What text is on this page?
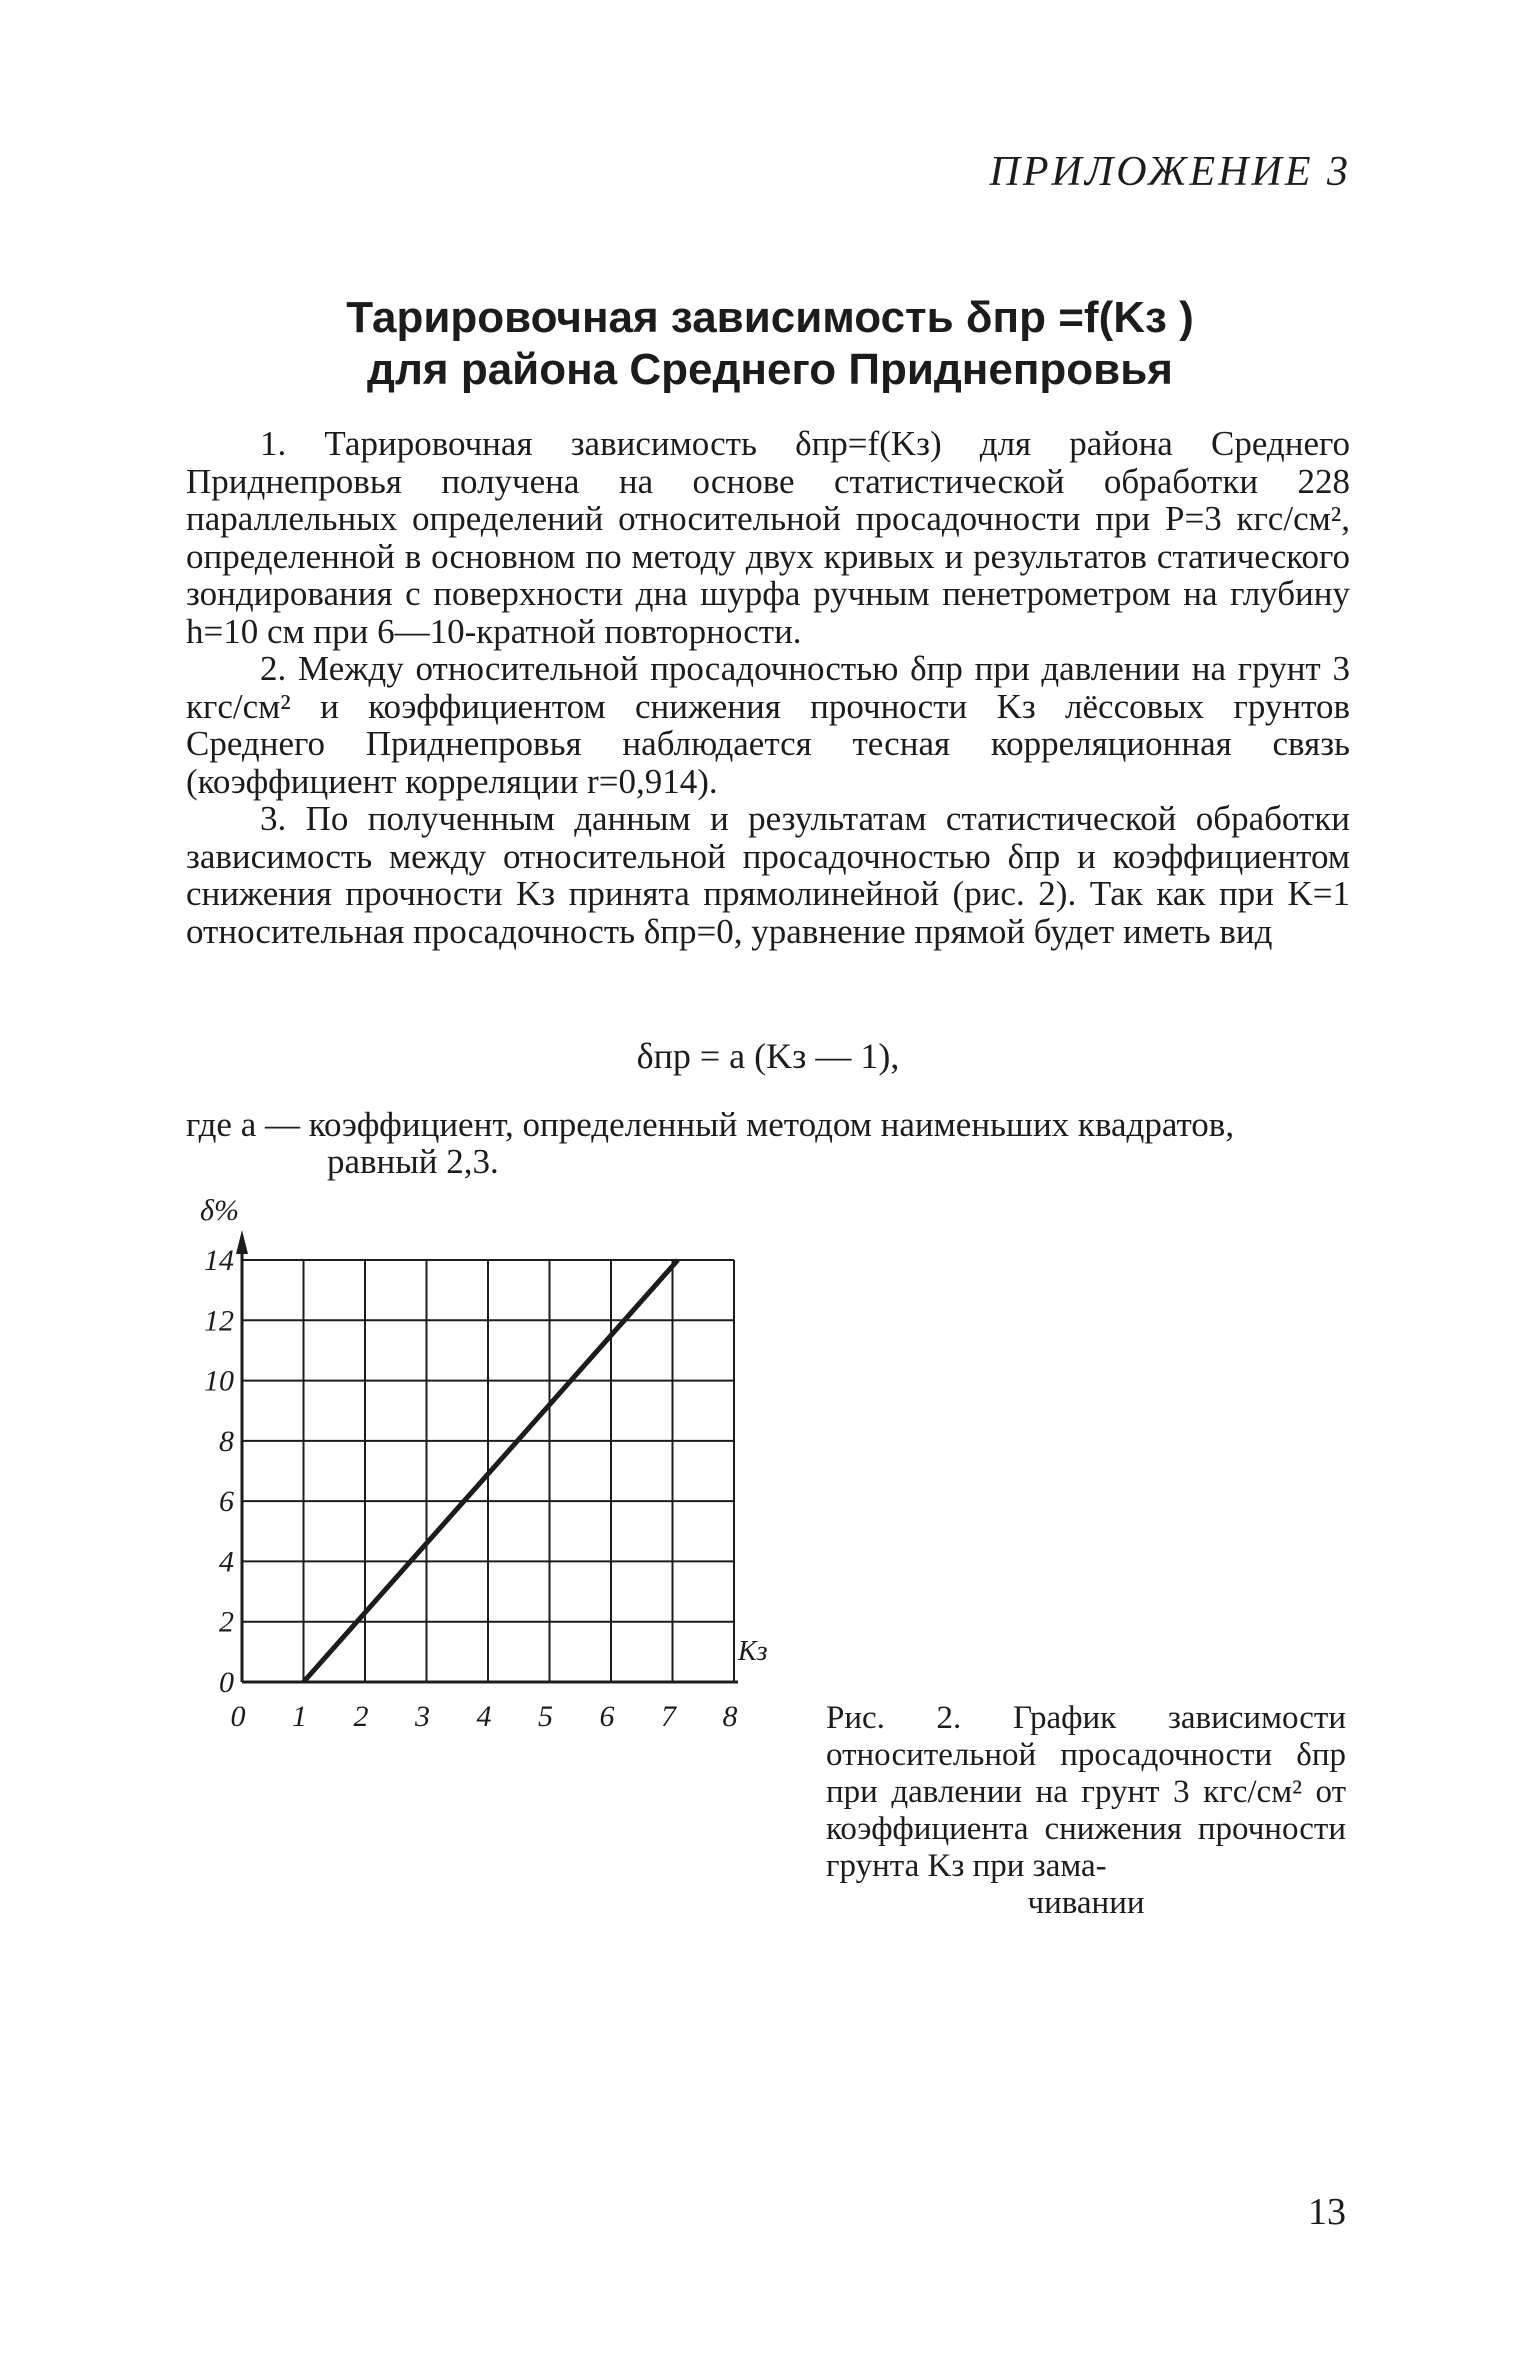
ПРИЛОЖЕНИЕ 3
Тарировочная зависимость δпр =f(Kз )
для района Среднего Приднепровья

1. Тарировочная зависимость δпр=f(Kз) для района Среднего Приднепровья получена на основе статистической обработки 228 параллельных определений относительной просадочности при P=3 кгс/см², определенной в основном по методу двух кривых и результатов статического зондирования с поверхности дна шурфа ручным пенетрометром на глубину h=10 см при 6—10-кратной повторности.

2. Между относительной просадочностью δпр при давлении на грунт 3 кгс/см² и коэффициентом снижения прочности Kз лёссовых грунтов Среднего Приднепровья наблюдается тесная корреляционная связь (коэффициент корреляции r=0,914).

3. По полученным данным и результатам статистической обработки зависимость между относительной просадочностью δпр и коэффициентом снижения прочности Kз принята прямолинейной (рис. 2). Так как при K=1 относительная просадочность δпр=0, уравнение прямой будет иметь вид

δпр = a (Kз — 1),
где a — коэффициент, определенный методом наименьших квадратов,
равный 2,3.
0 1 2 3 4 5 6 7 8
0
2
4
6
8
10
12
14
δ%
Kз
Рис. 2. График зависимости относительной просадочности δпр при давлении на грунт 3 кгс/см² от коэффициента снижения прочности грунта Kз при зама-
чивании
13
